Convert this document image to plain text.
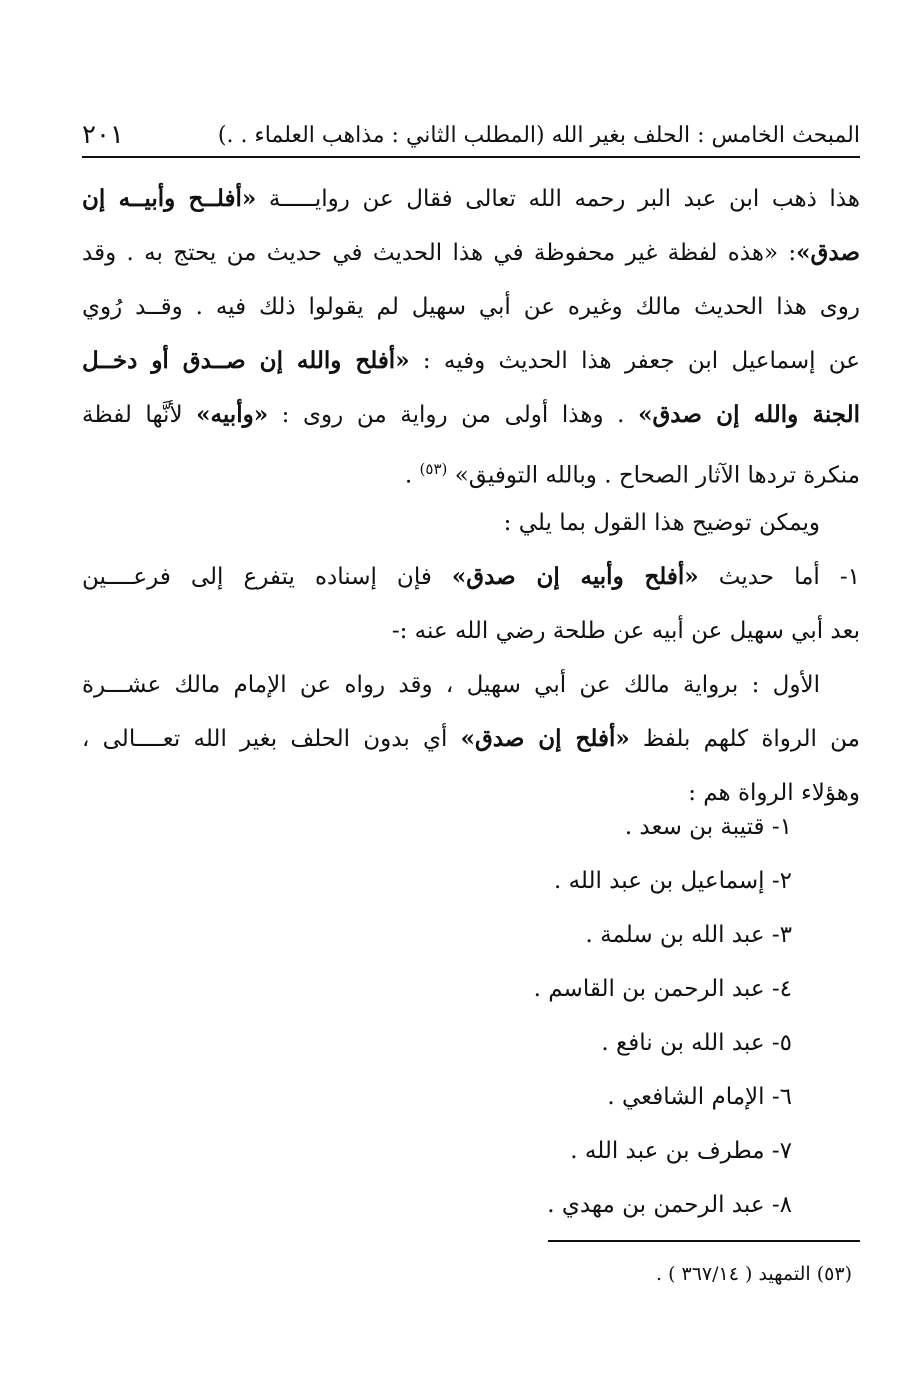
٢٠١	المبحث الخامس : الحلف بغير الله (المطلب الثاني : مذاهب العلماء . .)
هذا ذهب ابن عبد البر رحمه الله تعالى فقال عن روايـــــة «أفلــح وأبيــه إن
صدق»: «هذه لفظة غير محفوظة في هذا الحديث في حديث من يحتج به . وقد
روى هذا الحديث مالك وغيره عن أبي سهيل لم يقولوا ذلك فيه . وقــد رُوي
عن إسماعيل ابن جعفر هذا الحديث وفيه : «أفلح والله إن صــدق أو دخــل
الجنة والله إن صدق» . وهذا أولى من رواية من روى : «وأبيه» لأنَّها لفظة
منكرة تردها الآثار الصحاح . وبالله التوفيق» $^{(٥٣)}$ .
ويمكن توضيح هذا القول بما يلي :
١- أما حديث «أفلح وأبيه إن صدق» فإن إسناده يتفرع إلى فرعــــين
بعد أبي سهيل عن أبيه عن طلحة رضي الله عنه :-
الأول : برواية مالك عن أبي سهيل ، وقد رواه عن الإمام مالك عشـــرة
من الرواة كلهم بلفظ «أفلح إن صدق» أي بدون الحلف بغير الله تعــــالى ،
وهؤلاء الرواة هم :
١- قتيبة بن سعد .
٢- إسماعيل بن عبد الله .
٣- عبد الله بن سلمة .
٤- عبد الرحمن بن القاسم .
٥- عبد الله بن نافع .
٦- الإمام الشافعي .
٧- مطرف بن عبد الله .
٨- عبد الرحمن بن مهدي .
(٥٣) التمهيد ( ٣٦٧/١٤ ) .
